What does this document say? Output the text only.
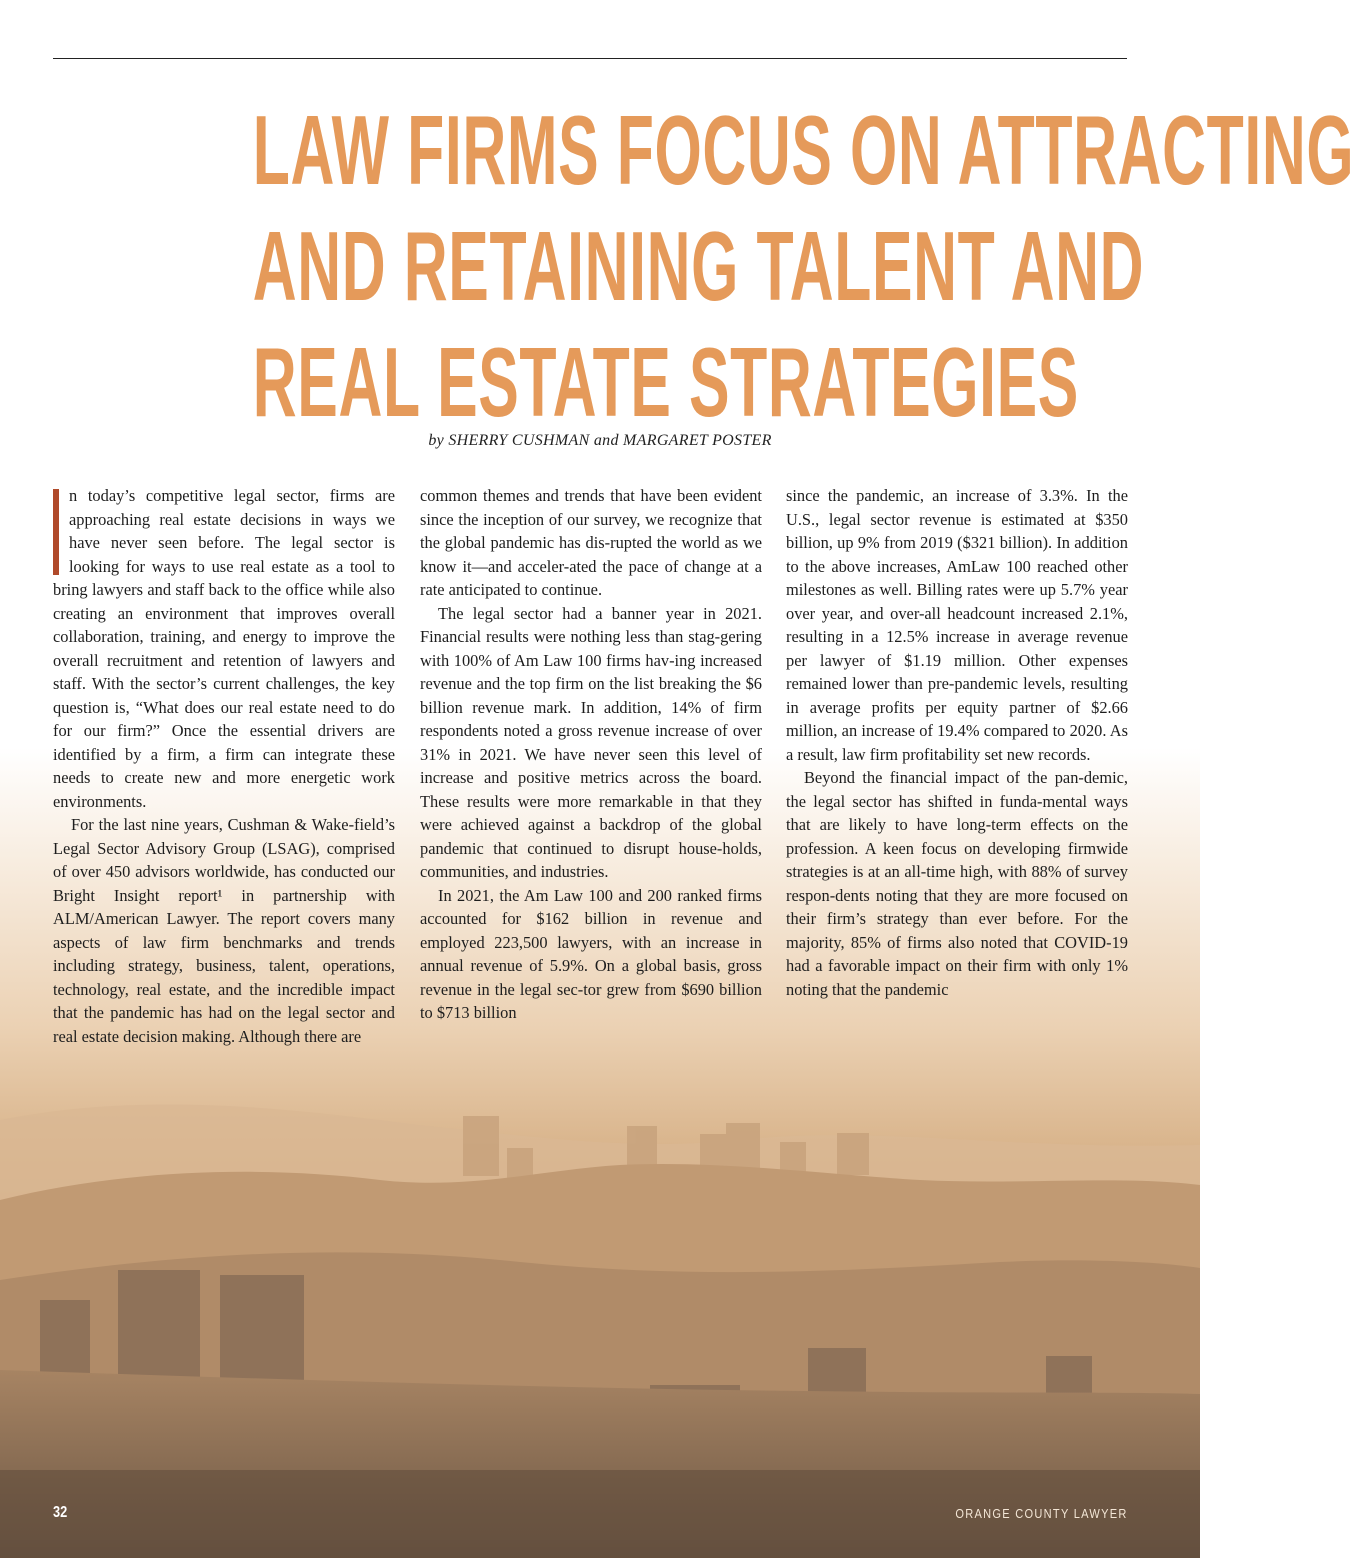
LAW FIRMS FOCUS ON ATTRACTING
AND RETAINING TALENT AND
REAL ESTATE STRATEGIES
by SHERRY CUSHMAN and MARGARET POSTER

n today’s competitive legal sector, firms are approaching real estate decisions in ways we have never seen before. The legal sector is looking for ways to use real estate as a tool to bring lawyers and staff back to the office while also creating an environment that improves overall collaboration, training, and energy to improve the overall recruitment and retention of lawyers and staff. With the sector’s current challenges, the key question is, “What does our real estate need to do for our firm?” Once the essential drivers are identified by a firm, a firm can integrate these needs to create new and more energetic work environments.

For the last nine years, Cushman & Wake-field’s Legal Sector Advisory Group (LSAG), comprised of over 450 advisors worldwide, has conducted our Bright Insight report¹ in partnership with ALM/American Lawyer. The report covers many aspects of law firm benchmarks and trends including strategy, business, talent, operations, technology, real estate, and the incredible impact that the pandemic has had on the legal sector and real estate decision making. Although there are

common themes and trends that have been evident since the inception of our survey, we recognize that the global pandemic has dis-rupted the world as we know it—and acceler-ated the pace of change at a rate anticipated to continue.

The legal sector had a banner year in 2021. Financial results were nothing less than stag-gering with 100% of Am Law 100 firms hav-ing increased revenue and the top firm on the list breaking the $6 billion revenue mark. In addition, 14% of firm respondents noted a gross revenue increase of over 31% in 2021. We have never seen this level of increase and positive metrics across the board. These results were more remarkable in that they were achieved against a backdrop of the global pandemic that continued to disrupt house-holds, communities, and industries.

In 2021, the Am Law 100 and 200 ranked firms accounted for $162 billion in revenue and employed 223,500 lawyers, with an increase in annual revenue of 5.9%. On a global basis, gross revenue in the legal sec-tor grew from $690 billion to $713 billion

since the pandemic, an increase of 3.3%. In the U.S., legal sector revenue is estimated at $350 billion, up 9% from 2019 ($321 billion). In addition to the above increases, AmLaw 100 reached other milestones as well. Billing rates were up 5.7% year over year, and over-all headcount increased 2.1%, resulting in a 12.5% increase in average revenue per lawyer of $1.19 million. Other expenses remained lower than pre-pandemic levels, resulting in average profits per equity partner of $2.66 million, an increase of 19.4% compared to 2020. As a result, law firm profitability set new records.

Beyond the financial impact of the pan-demic, the legal sector has shifted in funda-mental ways that are likely to have long-term effects on the profession. A keen focus on developing firmwide strategies is at an all-time high, with 88% of survey respon-dents noting that they are more focused on their firm’s strategy than ever before. For the majority, 85% of firms also noted that COVID-19 had a favorable impact on their firm with only 1% noting that the pandemic

32	ORANGE COUNTY LAWYER
